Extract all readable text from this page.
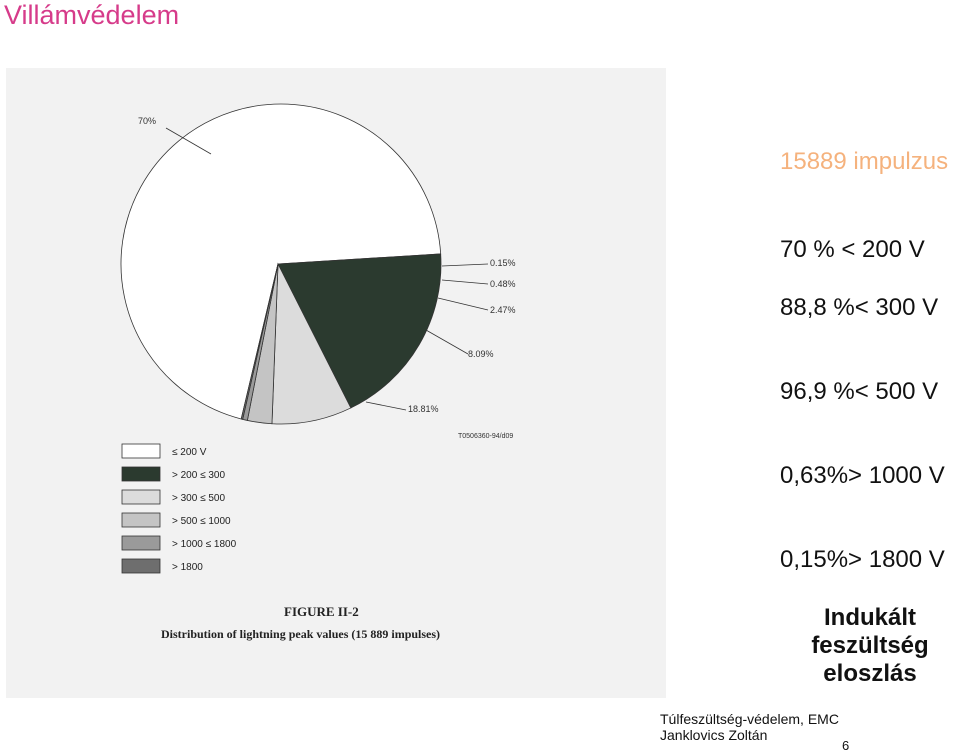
Villámvédelem
70%
18.81%
8.09%
2.47%
0.48%
0.15%
T0506360-94/d09
≤ 200 V
> 200 ≤ 300
> 300 ≤ 500
> 500 ≤ 1000
> 1000 ≤ 1800
> 1800
FIGURE II-2
Distribution of lightning peak values (15 889 impulses)
15889 impulzus
70 % < 200 V
88,8 %< 300 V
96,9 %< 500 V
0,63%> 1000 V
0,15%> 1800 V
Indukált feszültség eloszlás
Túlfeszültség-védelem, EMC
Janklovics Zoltán
6
